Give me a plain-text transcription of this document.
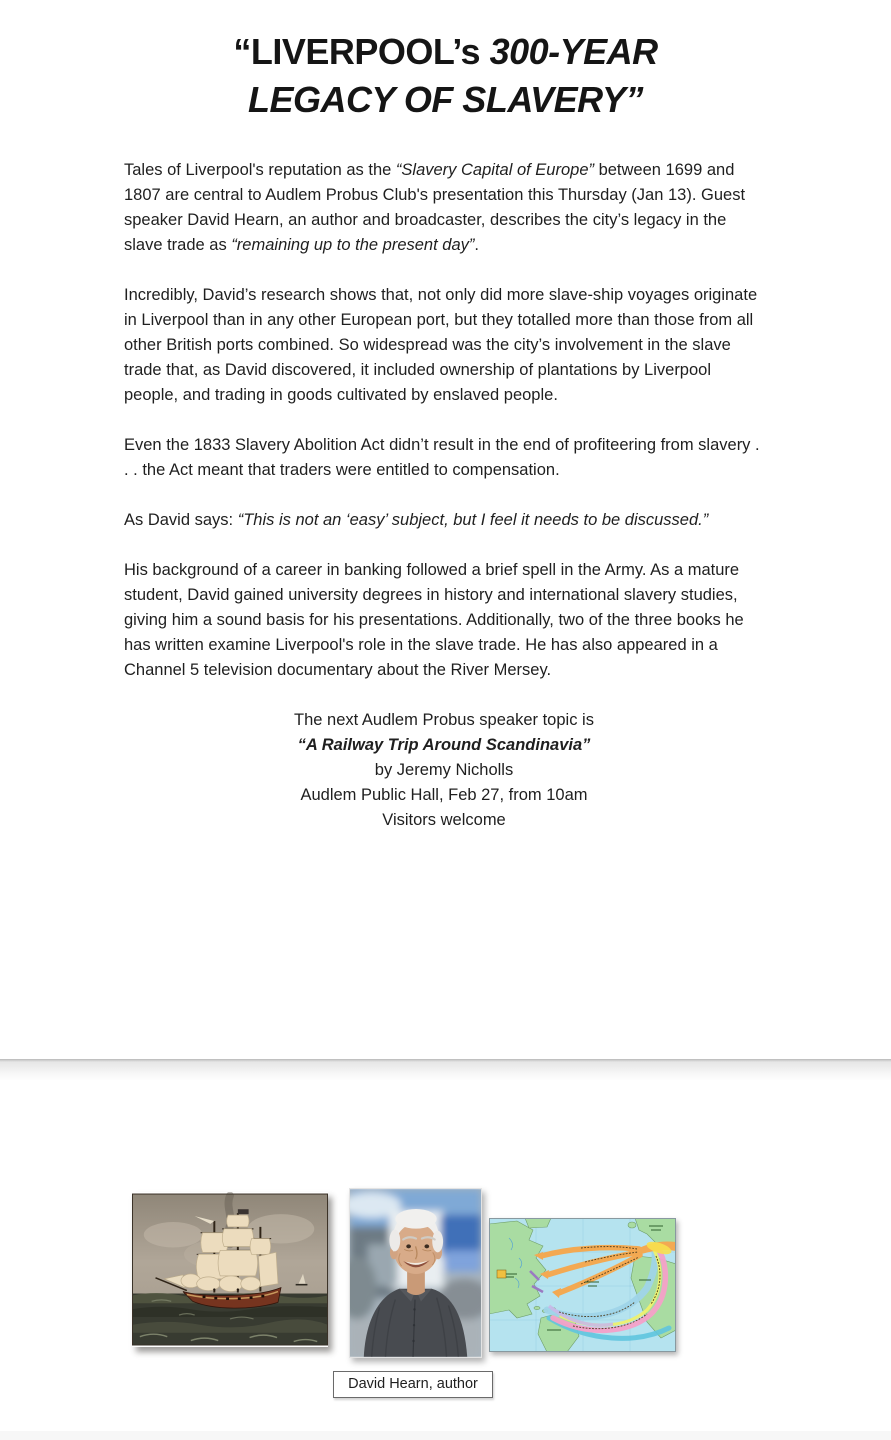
“LIVERPOOL’s 300-YEAR
LEGACY OF SLAVERY”

Tales of Liverpool's reputation as the “Slavery Capital of Europe” between 1699 and 1807 are central to Audlem Probus Club's presentation this Thursday (Jan 13). Guest speaker David Hearn, an author and broadcaster, describes the city’s legacy in the slave trade as “remaining up to the present day”.

Incredibly, David’s research shows that, not only did more slave-ship voyages originate in Liverpool than in any other European port, but they totalled more than those from all other British ports combined. So widespread was the city’s involvement in the slave trade that, as David discovered, it included ownership of plantations by Liverpool people, and trading in goods cultivated by enslaved people.

Even the 1833 Slavery Abolition Act didn’t result in the end of profiteering from slavery . . . the Act meant that traders were entitled to compensation.

As David says: “This is not an ‘easy’ subject, but I feel it needs to be discussed.”

His background of a career in banking followed a brief spell in the Army. As a mature student, David gained university degrees in history and international slavery studies, giving him a sound basis for his presentations. Additionally, two of the three books he has written examine Liverpool's role in the slave trade. He has also appeared in a Channel 5 television documentary about the River Mersey.

The next Audlem Probus speaker topic is
“A Railway Trip Around Scandinavia”
by Jeremy Nicholls
Audlem Public Hall, Feb 27, from 10am
Visitors welcome
David Hearn, author
